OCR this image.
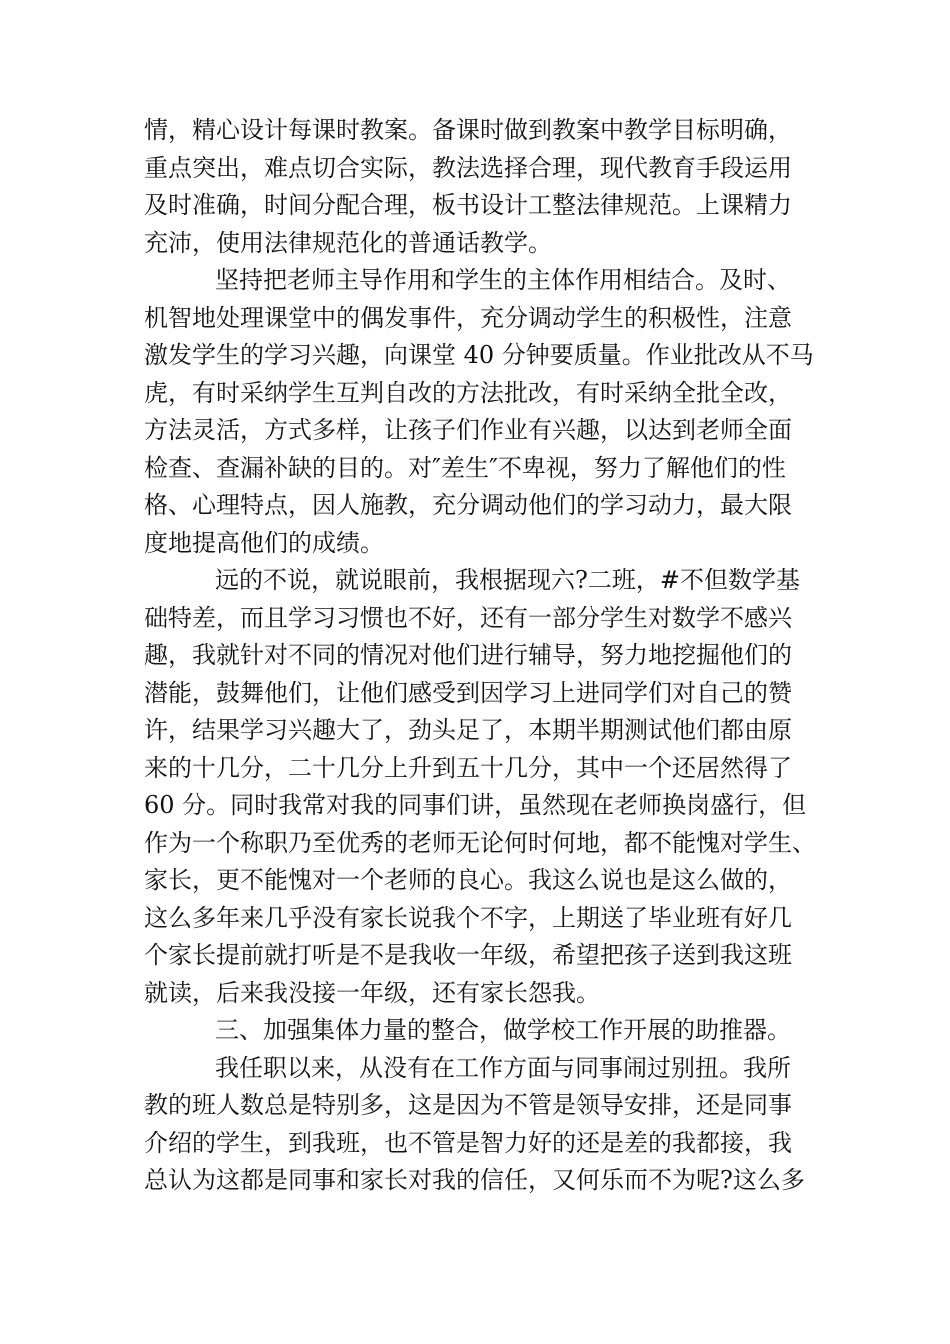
情，精心设计每课时教案。备课时做到教案中教学目标明确，
重点突出，难点切合实际，教法选择合理，现代教育手段运用
及时准确，时间分配合理，板书设计工整法律规范。上课精力
充沛，使用法律规范化的普通话教学。
坚持把老师主导作用和学生的主体作用相结合。及时、
机智地处理课堂中的偶发事件，充分调动学生的积极性，注意
激发学生的学习兴趣，向课堂 40 分钟要质量。作业批改从不马
虎，有时采纳学生互判自改的方法批改，有时采纳全批全改，
方法灵活，方式多样，让孩子们作业有兴趣，以达到老师全面
检查、查漏补缺的目的。对″差生″不卑视，努力了解他们的性
格、心理特点，因人施教，充分调动他们的学习动力，最大限
度地提高他们的成绩。
远的不说，就说眼前，我根据现六?二班，#不但数学基
础特差，而且学习习惯也不好，还有一部分学生对数学不感兴
趣，我就针对不同的情况对他们进行辅导，努力地挖掘他们的
潜能，鼓舞他们，让他们感受到因学习上进同学们对自己的赞
许，结果学习兴趣大了，劲头足了，本期半期测试他们都由原
来的十几分，二十几分上升到五十几分，其中一个还居然得了
60 分。同时我常对我的同事们讲，虽然现在老师换岗盛行，但
作为一个称职乃至优秀的老师无论何时何地，都不能愧对学生、
家长，更不能愧对一个老师的良心。我这么说也是这么做的，
这么多年来几乎没有家长说我个不字，上期送了毕业班有好几
个家长提前就打听是不是我收一年级，希望把孩子送到我这班
就读，后来我没接一年级，还有家长怨我。
三、加强集体力量的整合，做学校工作开展的助推器。
我任职以来，从没有在工作方面与同事闹过别扭。我所
教的班人数总是特别多，这是因为不管是领导安排，还是同事
介绍的学生，到我班，也不管是智力好的还是差的我都接，我
总认为这都是同事和家长对我的信任，又何乐而不为呢?这么多
